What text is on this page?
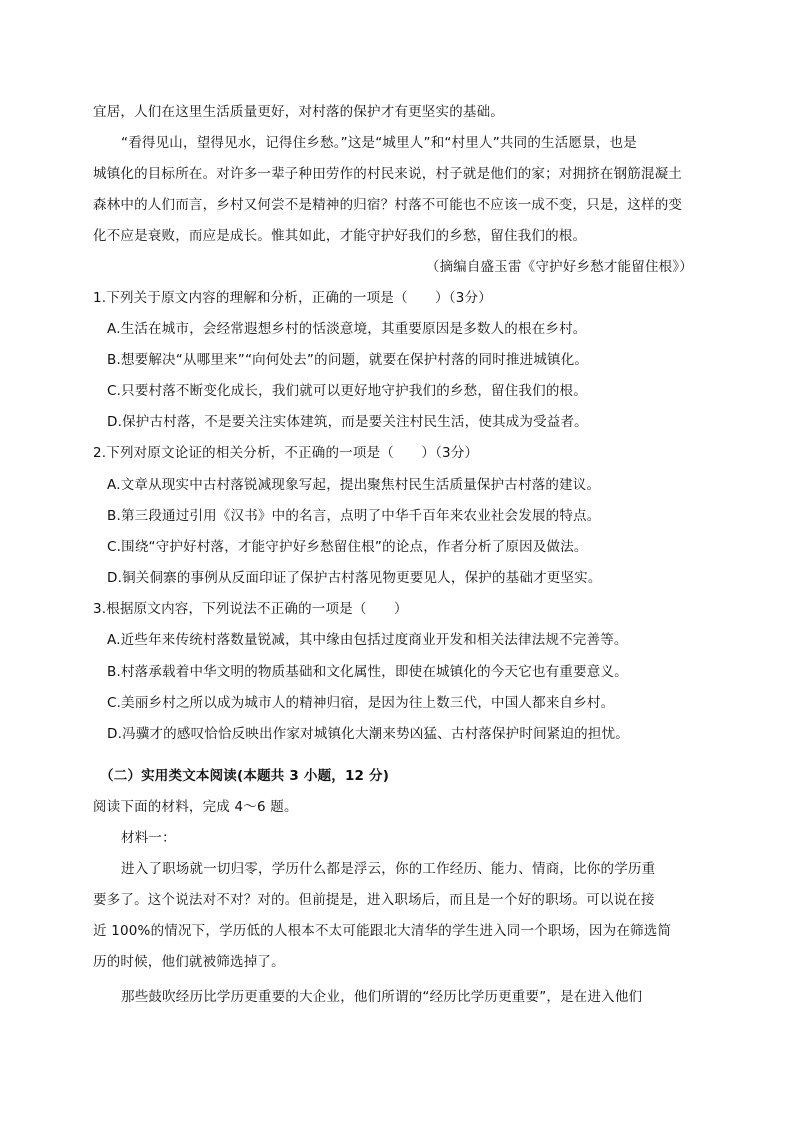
宜居，人们在这里生活质量更好，对村落的保护才有更坚实的基础。
“看得见山，望得见水，记得住乡愁。”这是“城里人”和“村里人”共同的生活愿景，也是
城镇化的目标所在。对许多一辈子种田劳作的村民来说，村子就是他们的家；对拥挤在钢筋混凝土
森林中的人们而言，乡村又何尝不是精神的归宿？村落不可能也不应该一成不变，只是，这样的变
化不应是衰败，而应是成长。惟其如此，才能守护好我们的乡愁，留住我们的根。
（摘编自盛玉雷《守护好乡愁才能留住根》）
1.下列关于原文内容的理解和分析，正确的一项是（　　）（3分）
A.生活在城市，会经常遐想乡村的恬淡意境，其重要原因是多数人的根在乡村。
B.想要解决“从哪里来”“向何处去”的问题，就要在保护村落的同时推进城镇化。
C.只要村落不断变化成长，我们就可以更好地守护我们的乡愁，留住我们的根。
D.保护古村落，不是要关注实体建筑，而是要关注村民生活，使其成为受益者。
2.下列对原文论证的相关分析，不正确的一项是（　　）（3分）
A.文章从现实中古村落锐减现象写起，提出聚焦村民生活质量保护古村落的建议。
B.第三段通过引用《汉书》中的名言，点明了中华千百年来农业社会发展的特点。
C.围绕“守护好村落，才能守护好乡愁留住根”的论点，作者分析了原因及做法。
D.铜关侗寨的事例从反面印证了保护古村落见物更要见人，保护的基础才更坚实。
3.根据原文内容，下列说法不正确的一项是（　　）
A.近些年来传统村落数量锐减，其中缘由包括过度商业开发和相关法律法规不完善等。
B.村落承载着中华文明的物质基础和文化属性，即使在城镇化的今天它也有重要意义。
C.美丽乡村之所以成为城市人的精神归宿，是因为往上数三代，中国人都来自乡村。
D.冯骥才的感叹恰恰反映出作家对城镇化大潮来势凶猛、古村落保护时间紧迫的担忧。
（二）实用类文本阅读(本题共 3 小题，12 分)
阅读下面的材料，完成 4～6 题。
材料一：
进入了职场就一切归零，学历什么都是浮云，你的工作经历、能力、情商，比你的学历重
要多了。这个说法对不对？对的。但前提是，进入职场后，而且是一个好的职场。可以说在接
近 100%的情况下，学历低的人根本不太可能跟北大清华的学生进入同一个职场，因为在筛选简
历的时候，他们就被筛选掉了。
那些鼓吹经历比学历更重要的大企业，他们所谓的“经历比学历更重要”，是在进入他们
